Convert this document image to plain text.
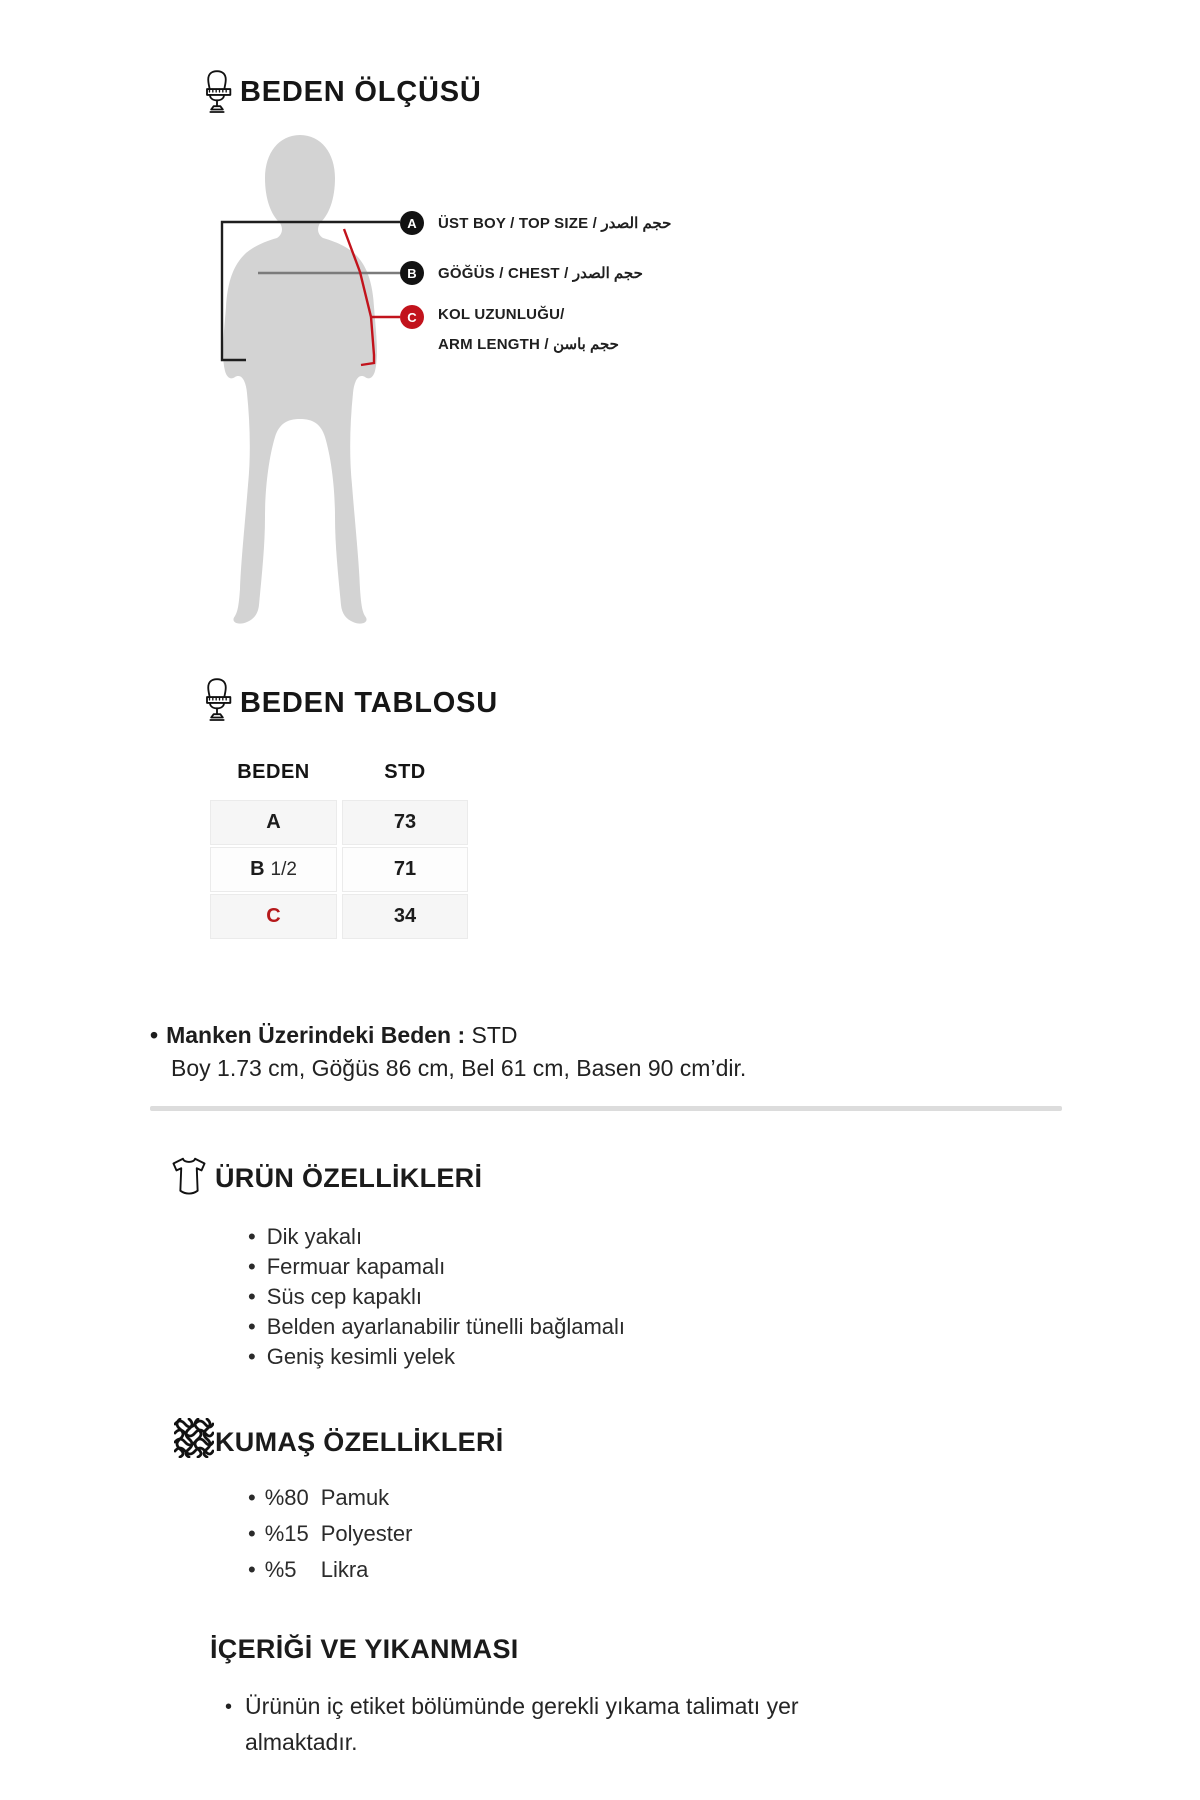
BEDEN ÖLÇÜSÜ
A
B
C
ÜST BOY / TOP SIZE / حجم الصدر
GÖĞÜS / CHEST / حجم الصدر
KOL UZUNLUĞU/
ARM LENGTH / حجم باسن
BEDEN TABLOSU
BEDEN	STD
A	73
B 1/2	71
C	34
• Manken Üzerindeki Beden : STD
Boy 1.73 cm, Göğüs 86 cm, Bel 61 cm, Basen 90 cm’dir.
ÜRÜN ÖZELLİKLERİ
• Dik yakalı
• Fermuar kapamalı
• Süs cep kapaklı
• Belden ayarlanabilir tünelli bağlamalı
• Geniş kesimli yelek
KUMAŞ ÖZELLİKLERİ
• %80 Pamuk
• %15 Polyester
• %5 Likra
İÇERİĞİ VE YIKANMASI
• Ürünün iç etiket bölümünde gerekli yıkama talimatı yer almaktadır.
